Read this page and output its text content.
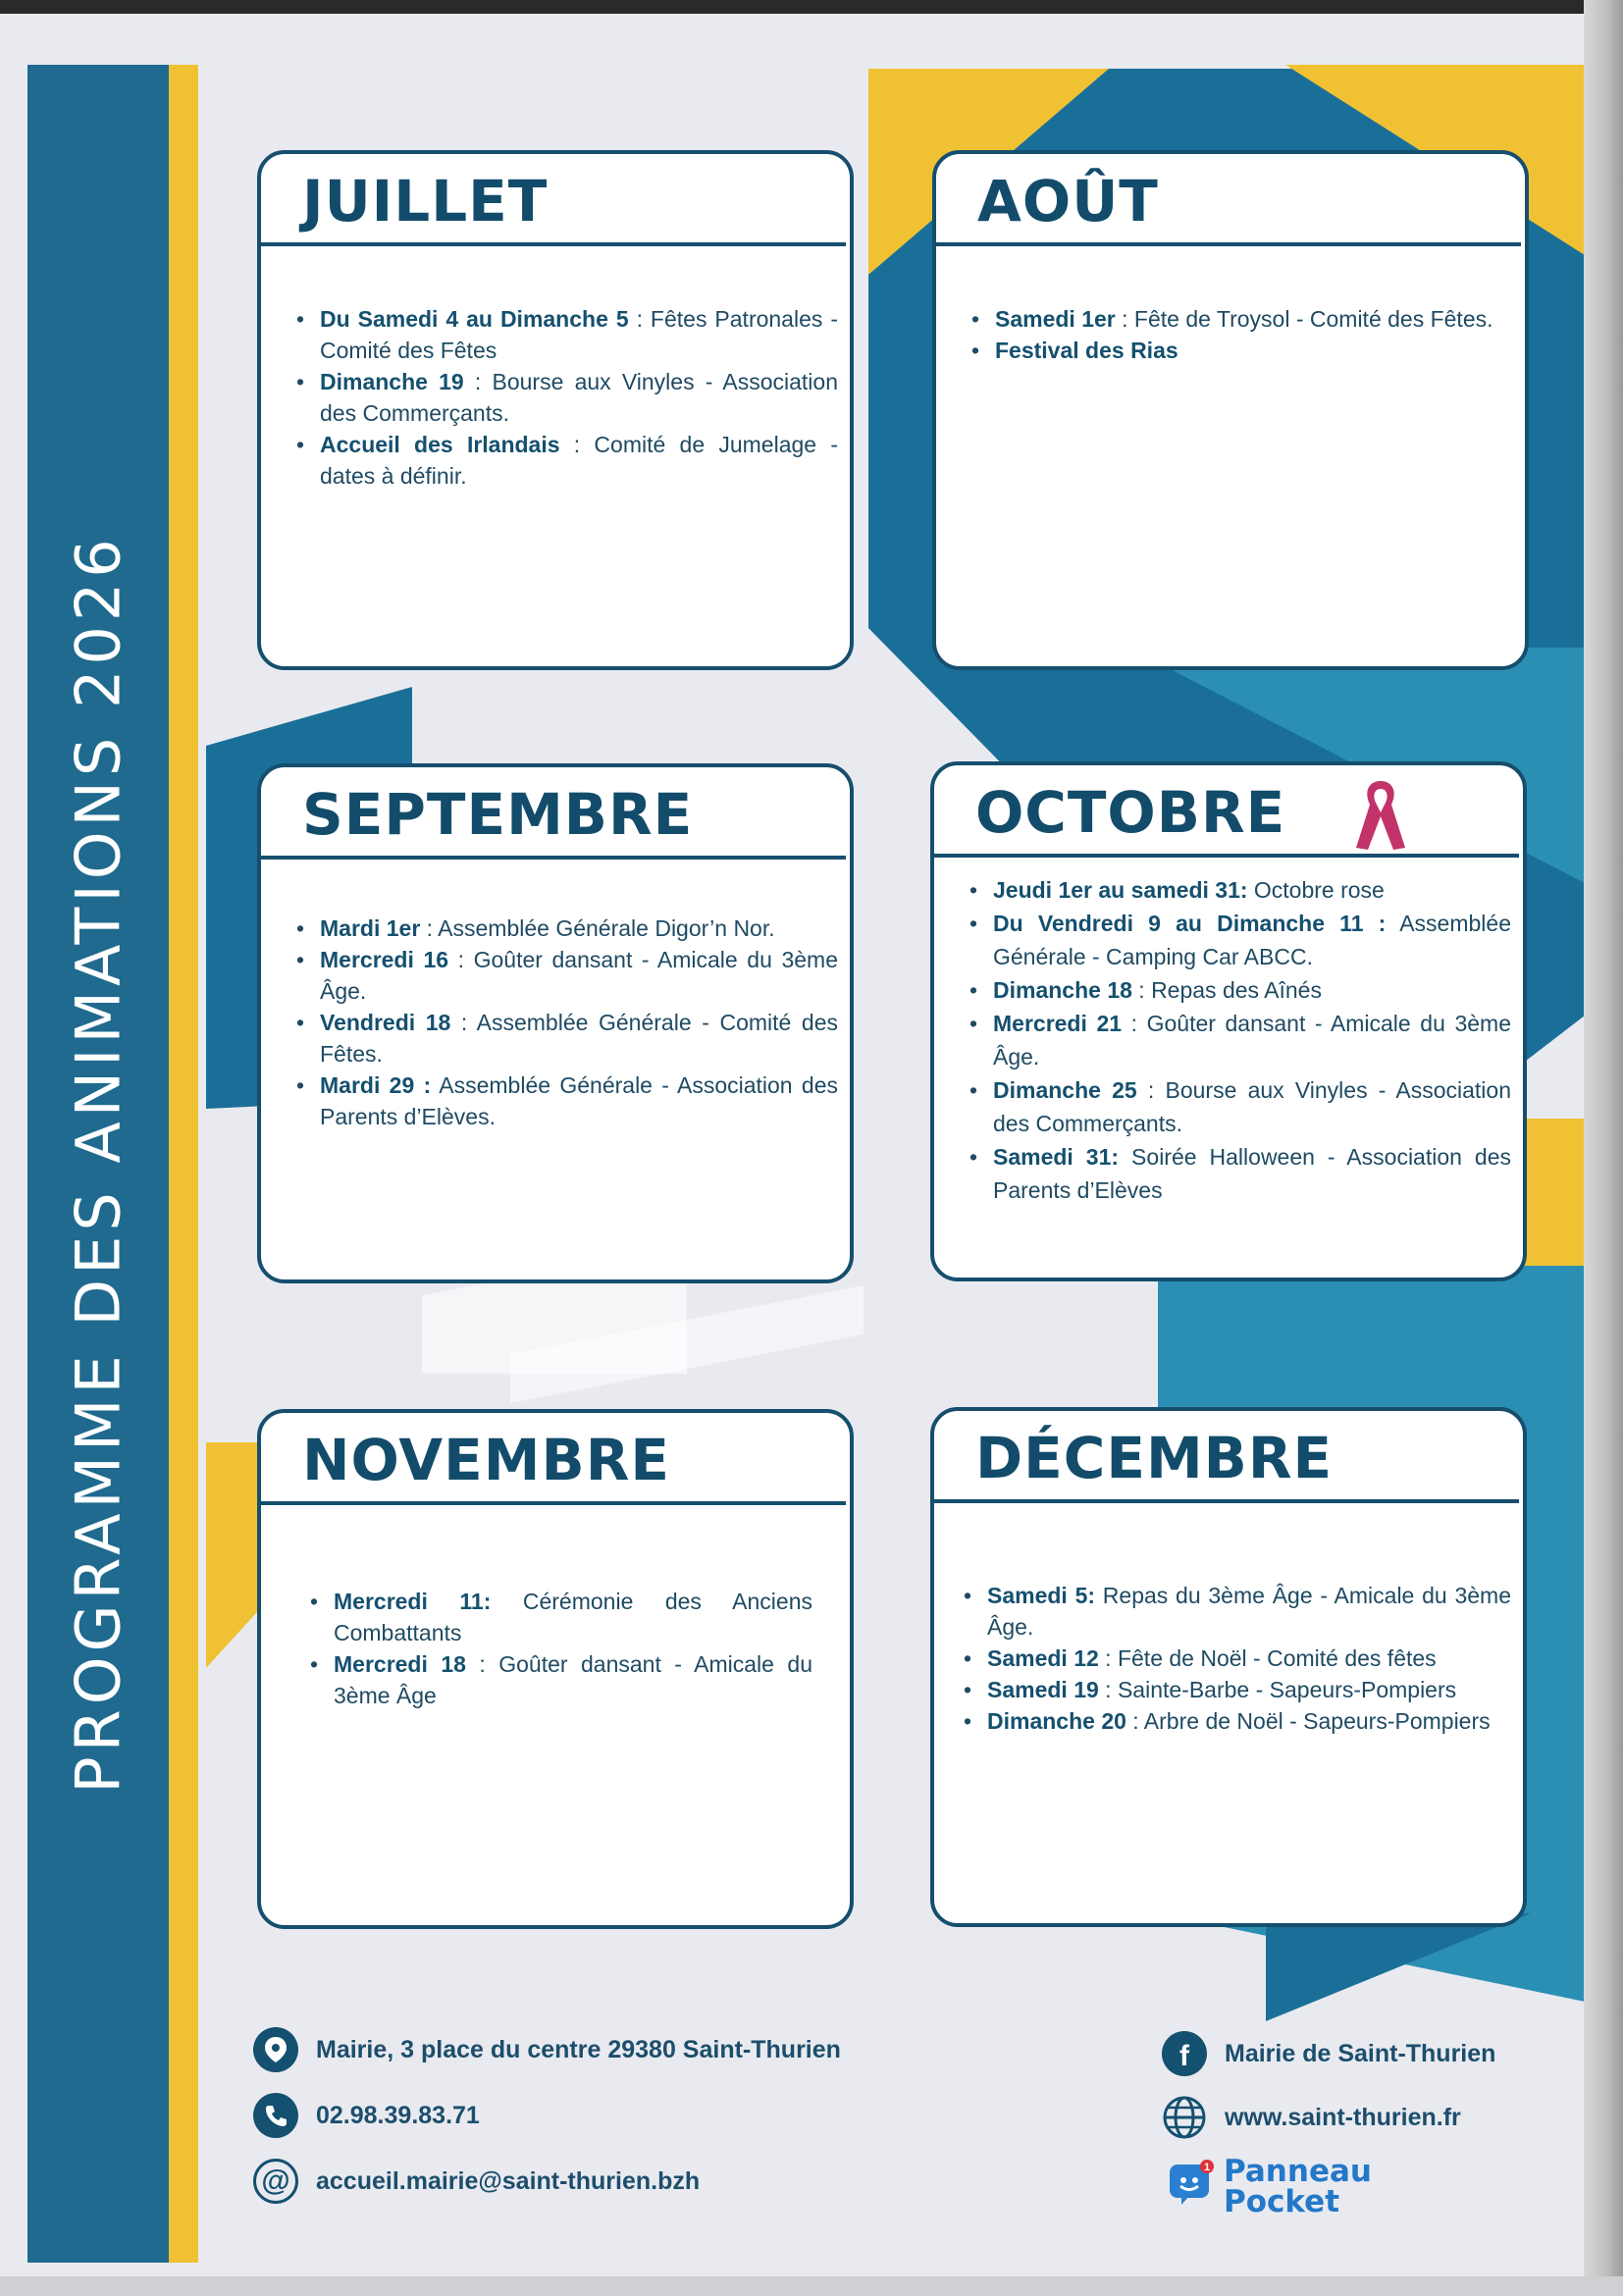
PROGRAMME DES ANIMATIONS 2026
JUILLET
• Du Samedi 4 au Dimanche 5 : Fêtes Patronales - Comité des Fêtes
• Dimanche 19 : Bourse aux Vinyles - Association des Commerçants.
• Accueil des Irlandais : Comité de Jumelage - dates à définir.
AOÛT
• Samedi 1er : Fête de Troysol - Comité des Fêtes.
• Festival des Rias
SEPTEMBRE
• Mardi 1er : Assemblée Générale Digor’n Nor.
• Mercredi 16 : Goûter dansant - Amicale du 3ème Âge.
• Vendredi 18 : Assemblée Générale - Comité des Fêtes.
• Mardi 29 : Assemblée Générale - Association des Parents d’Elèves.
OCTOBRE
• Jeudi 1er au samedi 31: Octobre rose
• Du Vendredi 9 au Dimanche 11 : Assemblée Générale - Camping Car ABCC.
• Dimanche 18 : Repas des Aînés
• Mercredi 21 : Goûter dansant - Amicale du 3ème Âge.
• Dimanche 25 : Bourse aux Vinyles - Association des Commerçants.
• Samedi 31: Soirée Halloween - Association des Parents d’Elèves
NOVEMBRE
• Mercredi 11: Cérémonie des Anciens Combattants
• Mercredi 18 : Goûter dansant - Amicale du 3ème Âge
DÉCEMBRE
• Samedi 5: Repas du 3ème Âge - Amicale du 3ème Âge.
• Samedi 12 : Fête de Noël - Comité des fêtes
• Samedi 19 : Sainte-Barbe - Sapeurs-Pompiers
• Dimanche 20 : Arbre de Noël - Sapeurs-Pompiers
Mairie, 3 place du centre 29380 Saint-Thurien
02.98.39.83.71
@ accueil.mairie@saint-thurien.bzh
f Mairie de Saint-Thurien
www.saint-thurien.fr
1 Panneau
Pocket
